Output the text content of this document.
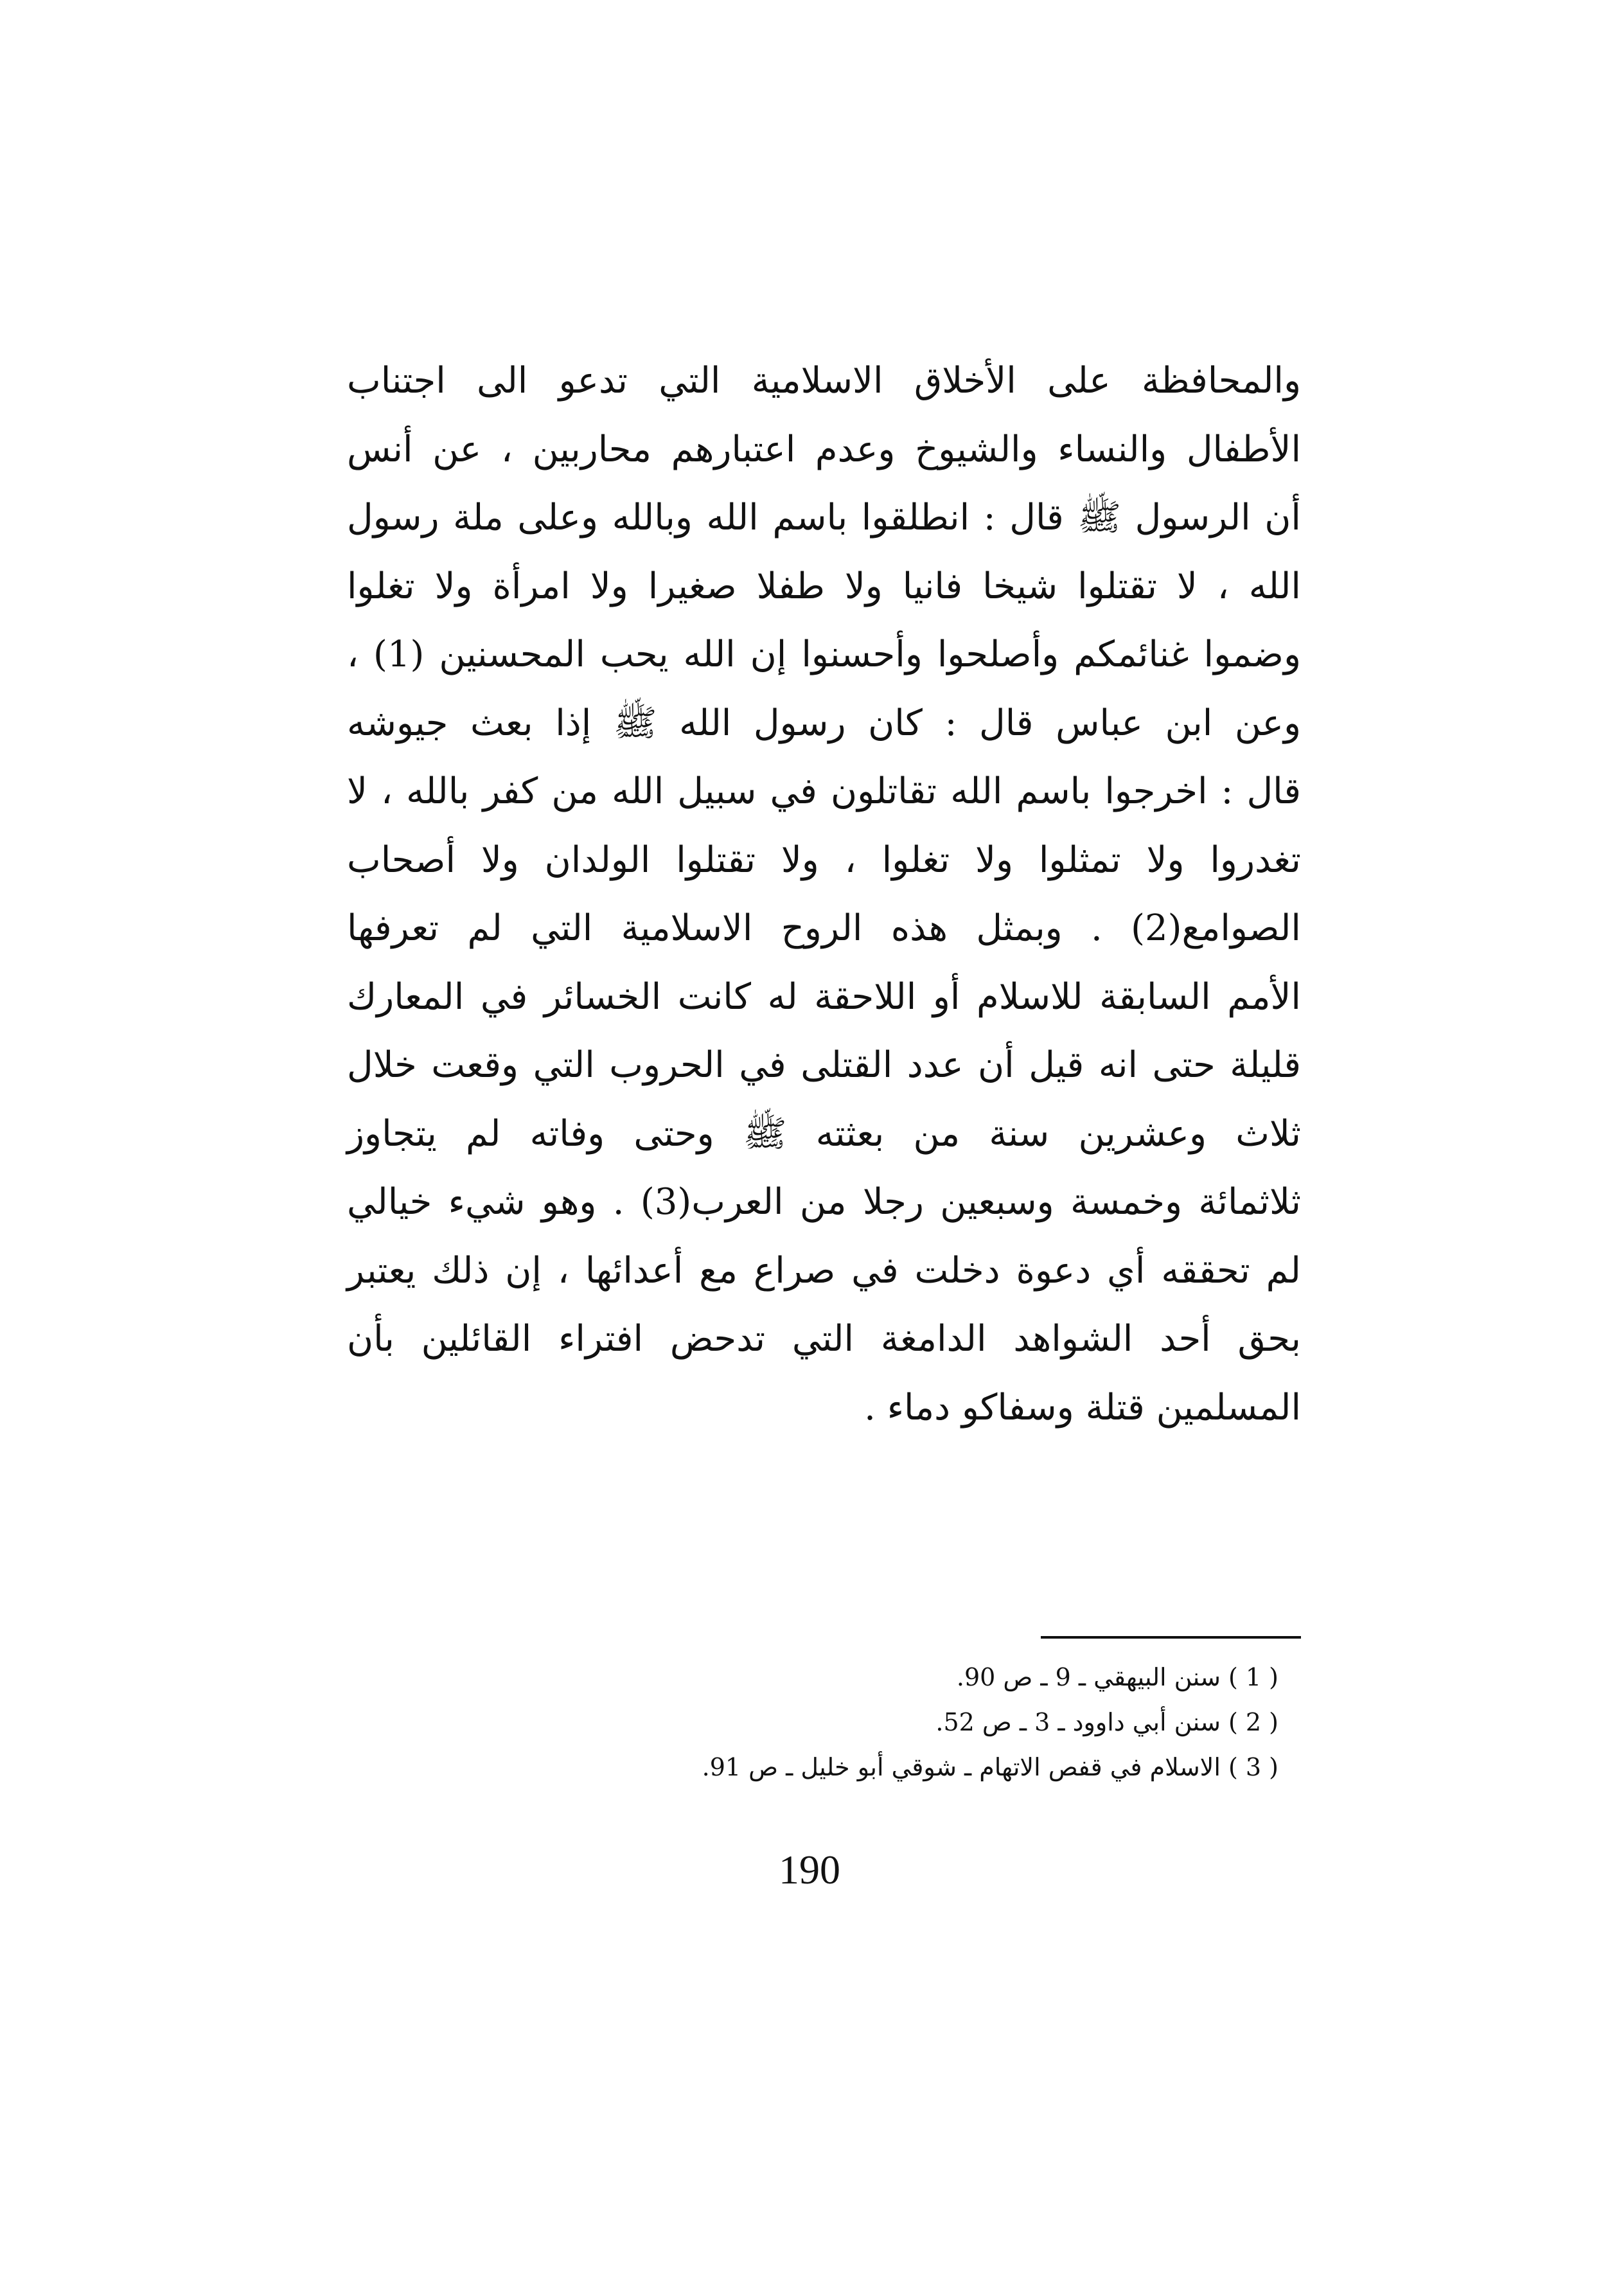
والمحافظة على الأخلاق الاسلامية التي تدعو الى اجتناب
الأطفال والنساء والشيوخ وعدم اعتبارهم محاربين ، عن أنس
أن الرسول ﷺ قال : انطلقوا باسم الله وبالله وعلى ملة رسول
الله ، لا تقتلوا شيخا فانيا ولا طفلا صغيرا ولا امرأة ولا تغلوا
وضموا غنائمكم وأصلحوا وأحسنوا إن الله يحب المحسنين (1) ،
وعن ابن عباس قال : كان رسول الله ﷺ إذا بعث جيوشه
قال : اخرجوا باسم الله تقاتلون في سبيل الله من كفر بالله ، لا
تغدروا ولا تمثلوا ولا تغلوا ، ولا تقتلوا الولدان ولا أصحاب
الصوامع(2) . وبمثل هذه الروح الاسلامية التي لم تعرفها
الأمم السابقة للاسلام أو اللاحقة له كانت الخسائر في المعارك
قليلة حتى انه قيل أن عدد القتلى في الحروب التي وقعت خلال
ثلاث وعشرين سنة من بعثته ﷺ وحتى وفاته لم يتجاوز
ثلاثمائة وخمسة وسبعين رجلا من العرب(3) . وهو شيء خيالي
لم تحققه أي دعوة دخلت في صراع مع أعدائها ، إن ذلك يعتبر
بحق أحد الشواهد الدامغة التي تدحض افتراء القائلين بأن
المسلمين قتلة وسفاكو دماء .
( 1 ) سنن البيهقي ـ 9 ـ ص 90.
( 2 ) سنن أبي داوود ـ 3 ـ ص 52.
( 3 ) الاسلام في قفص الاتهام ـ شوقي أبو خليل ـ ص 91.
190
